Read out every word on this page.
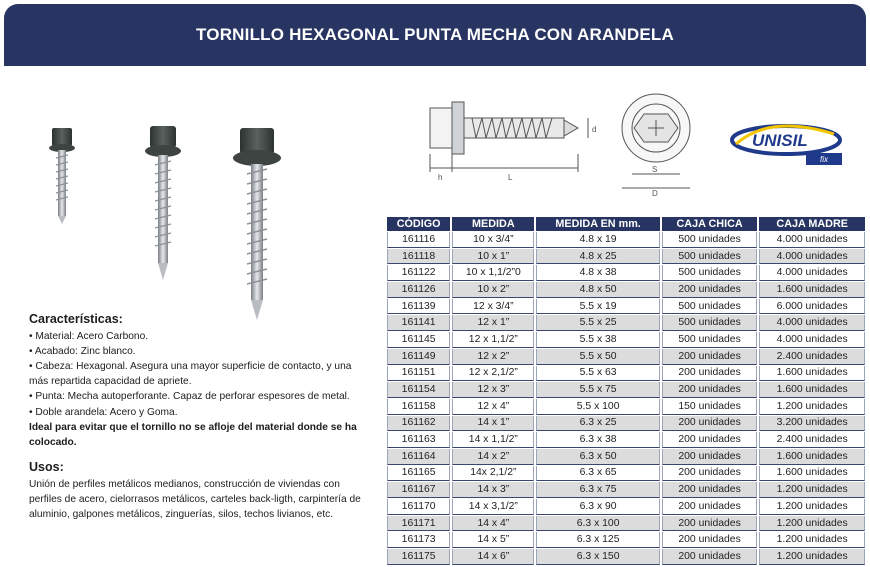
TORNILLO HEXAGONAL PUNTA MECHA CON ARANDELA
h	L
d
S
D
UNISIL
fix
Características:

• Material: Acero Carbono.

• Acabado: Zinc blanco.

• Cabeza: Hexagonal. Asegura una mayor superficie de contacto, y una más repartida capacidad de apriete.

• Punta: Mecha autoperforante. Capaz de perforar espesores de metal.

• Doble arandela: Acero y Goma.

Ideal para evitar que el tornillo no se afloje del material donde se ha colocado.

Usos:

Unión de perfiles metálicos medianos, construcción de viviendas con perfiles de acero, cielorrasos metálicos, carteles back-ligth, carpintería de aluminio, galpones metálicos, zinguerías, silos, techos livianos, etc.

CÓDIGO	MEDIDA	MEDIDA EN mm.	CAJA CHICA	CAJA MADRE
161116	10 x 3/4”	4.8 x 19	500 unidades	4.000 unidades
161118	10 x 1”	4.8 x 25	500 unidades	4.000 unidades
161122	10 x 1,1/2”0	4.8 x 38	500 unidades	4.000 unidades
161126	10 x 2”	4.8 x 50	200 unidades	1.600 unidades
161139	12 x 3/4”	5.5 x 19	500 unidades	6.000 unidades
161141	12 x 1”	5.5 x 25	500 unidades	4.000 unidades
161145	12 x 1,1/2”	5.5 x 38	500 unidades	4.000 unidades
161149	12 x 2”	5.5 x 50	200 unidades	2.400 unidades
161151	12 x 2,1/2”	5.5 x 63	200 unidades	1.600 unidades
161154	12 x 3”	5.5 x 75	200 unidades	1.600 unidades
161158	12 x 4”	5.5 x 100	150 unidades	1.200 unidades
161162	14 x 1”	6.3 x 25	200 unidades	3.200 unidades
161163	14 x 1,1/2”	6.3 x 38	200 unidades	2.400 unidades
161164	14 x 2”	6.3 x 50	200 unidades	1.600 unidades
161165	14x 2,1/2”	6.3 x 65	200 unidades	1.600 unidades
161167	14 x 3”	6.3 x 75	200 unidades	1.200 unidades
161170	14 x 3,1/2”	6.3 x 90	200 unidades	1.200 unidades
161171	14 x 4”	6.3 x 100	200 unidades	1.200 unidades
161173	14 x 5”	6.3 x 125	200 unidades	1.200 unidades
161175	14 x 6”	6.3 x 150	200 unidades	1.200 unidades
